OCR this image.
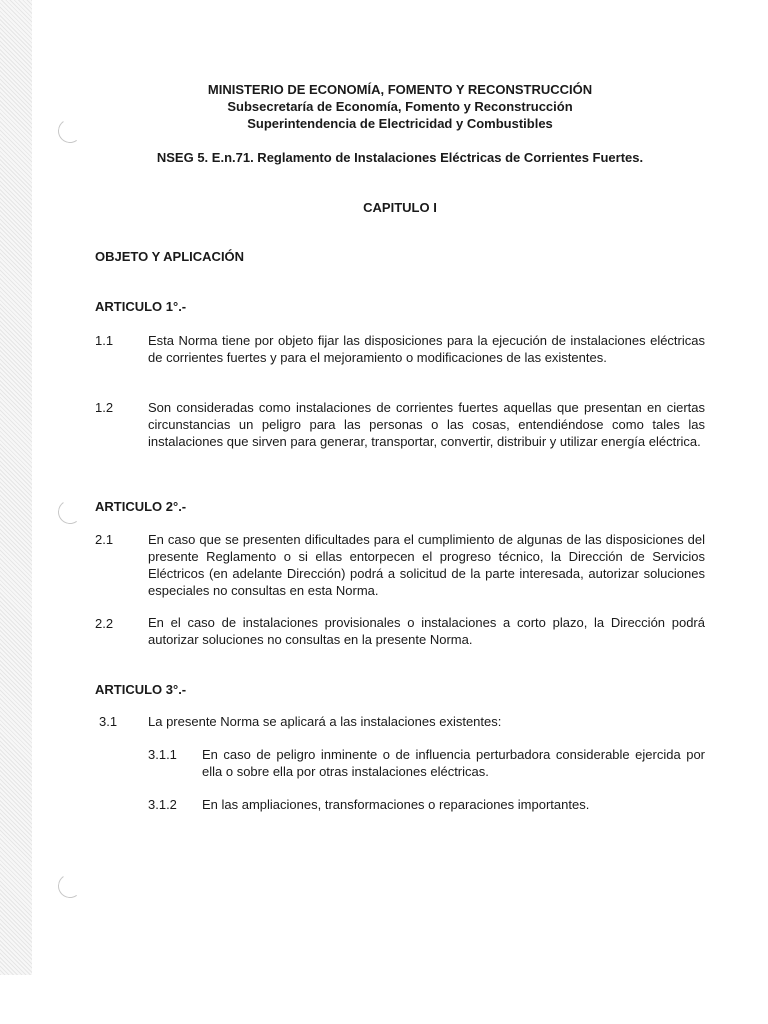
MINISTERIO DE ECONOMÍA, FOMENTO Y RECONSTRUCCIÓN
Subsecretaría de Economía, Fomento y Reconstrucción
Superintendencia de Electricidad y Combustibles
NSEG 5. E.n.71. Reglamento de Instalaciones Eléctricas de Corrientes Fuertes.
CAPITULO I
OBJETO Y APLICACIÓN
ARTICULO 1°.-
1.1	Esta Norma tiene por objeto fijar las disposiciones para la ejecución de instalaciones eléctricas de corrientes fuertes y para el mejoramiento o modificaciones de las existentes.
1.2	Son consideradas como instalaciones de corrientes fuertes aquellas que presentan en ciertas circunstancias un peligro para las personas o las cosas, entendiéndose como tales las instalaciones que sirven para generar, transportar, convertir, distribuir y utilizar energía eléctrica.
ARTICULO 2°.-
2.1	En caso que se presenten dificultades para el cumplimiento de algunas de las disposiciones del presente Reglamento o si ellas entorpecen el progreso técnico, la Dirección de Servicios Eléctricos (en adelante Dirección) podrá a solicitud de la parte interesada, autorizar soluciones especiales no consultas en esta Norma.
2.2	En el caso de instalaciones provisionales o instalaciones a corto plazo, la Dirección podrá autorizar soluciones no consultas en la presente Norma.
ARTICULO 3°.-
3.1 La presente Norma se aplicará a las instalaciones existentes:
3.1.1 En caso de peligro inminente o de influencia perturbadora considerable ejercida por ella o sobre ella por otras instalaciones eléctricas.
3.1.2 En las ampliaciones, transformaciones o reparaciones importantes.
